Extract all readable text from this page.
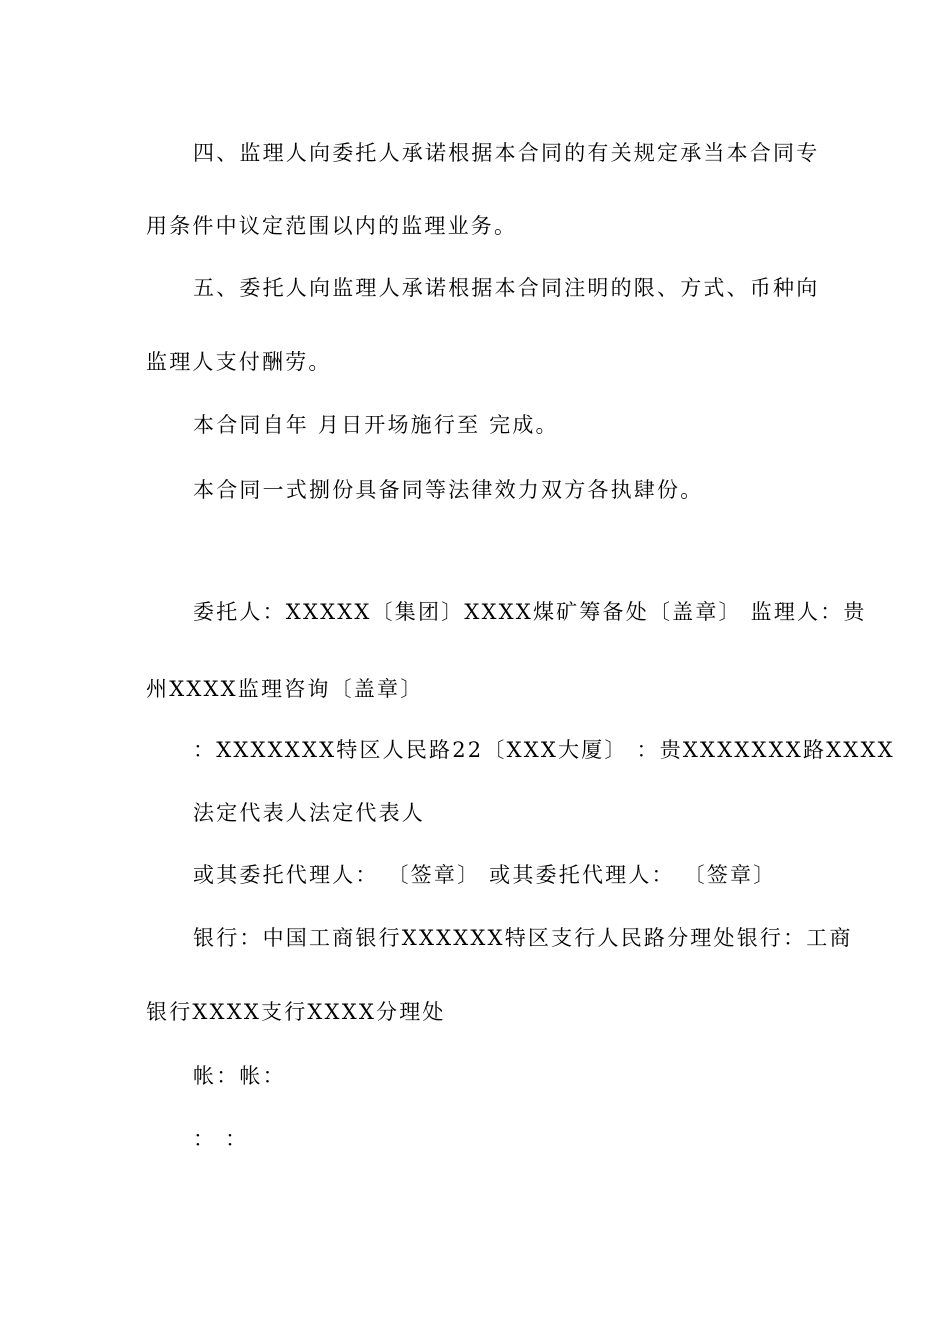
四、监理人向委托人承诺根据本合同的有关规定承当本合同专
用条件中议定范围以内的监理业务。
五、委托人向监理人承诺根据本合同注明的限、方式、币种向
监理人支付酬劳。
本合同自年 月日开场施行至 完成。
本合同一式捌份具备同等法律效力双方各执肆份。
委托人：XXXXX〔集团〕XXXX煤矿筹备处〔盖章〕 监理人：贵
州XXXX监理咨询〔盖章〕
：XXXXXXX特区人民路22〔XXX大厦〕 ：贵XXXXXXX路XXXX
法定代表人法定代表人
或其委托代理人： 〔签章〕 或其委托代理人： 〔签章〕
银行：中国工商银行XXXXXX特区支行人民路分理处银行：工商
银行XXXX支行XXXX分理处
帐：帐：
： ：
